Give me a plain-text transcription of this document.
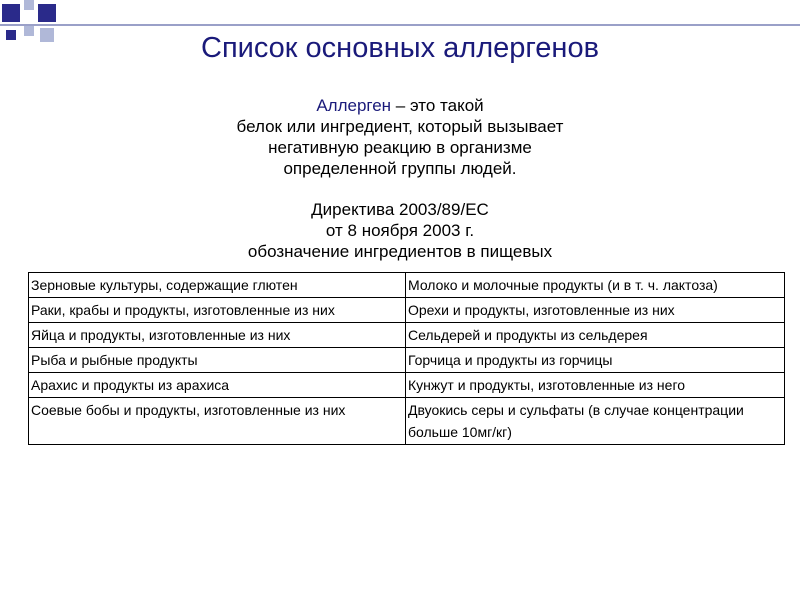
Список основных аллергенов
Аллерген – это такой
белок или ингредиент, который вызывает
негативную реакцию в организме
определенной группы людей.
Директива 2003/89/ЕС
от 8 ноября 2003 г.
обозначение ингредиентов в пищевых
Зерновые культуры, содержащие глютен	Молоко и молочные продукты (и в т. ч. лактоза)
Раки, крабы и продукты, изготовленные из них	Орехи и продукты, изготовленные из них
Яйца и продукты, изготовленные из них	Сельдерей и продукты из сельдерея
Рыба и рыбные продукты	Горчица и продукты из горчицы
Арахис и продукты из арахиса	Кунжут и продукты, изготовленные из него
Соевые бобы и продукты, изготовленные из них	Двуокись серы и сульфаты (в случае концентрации больше 10мг/кг)
